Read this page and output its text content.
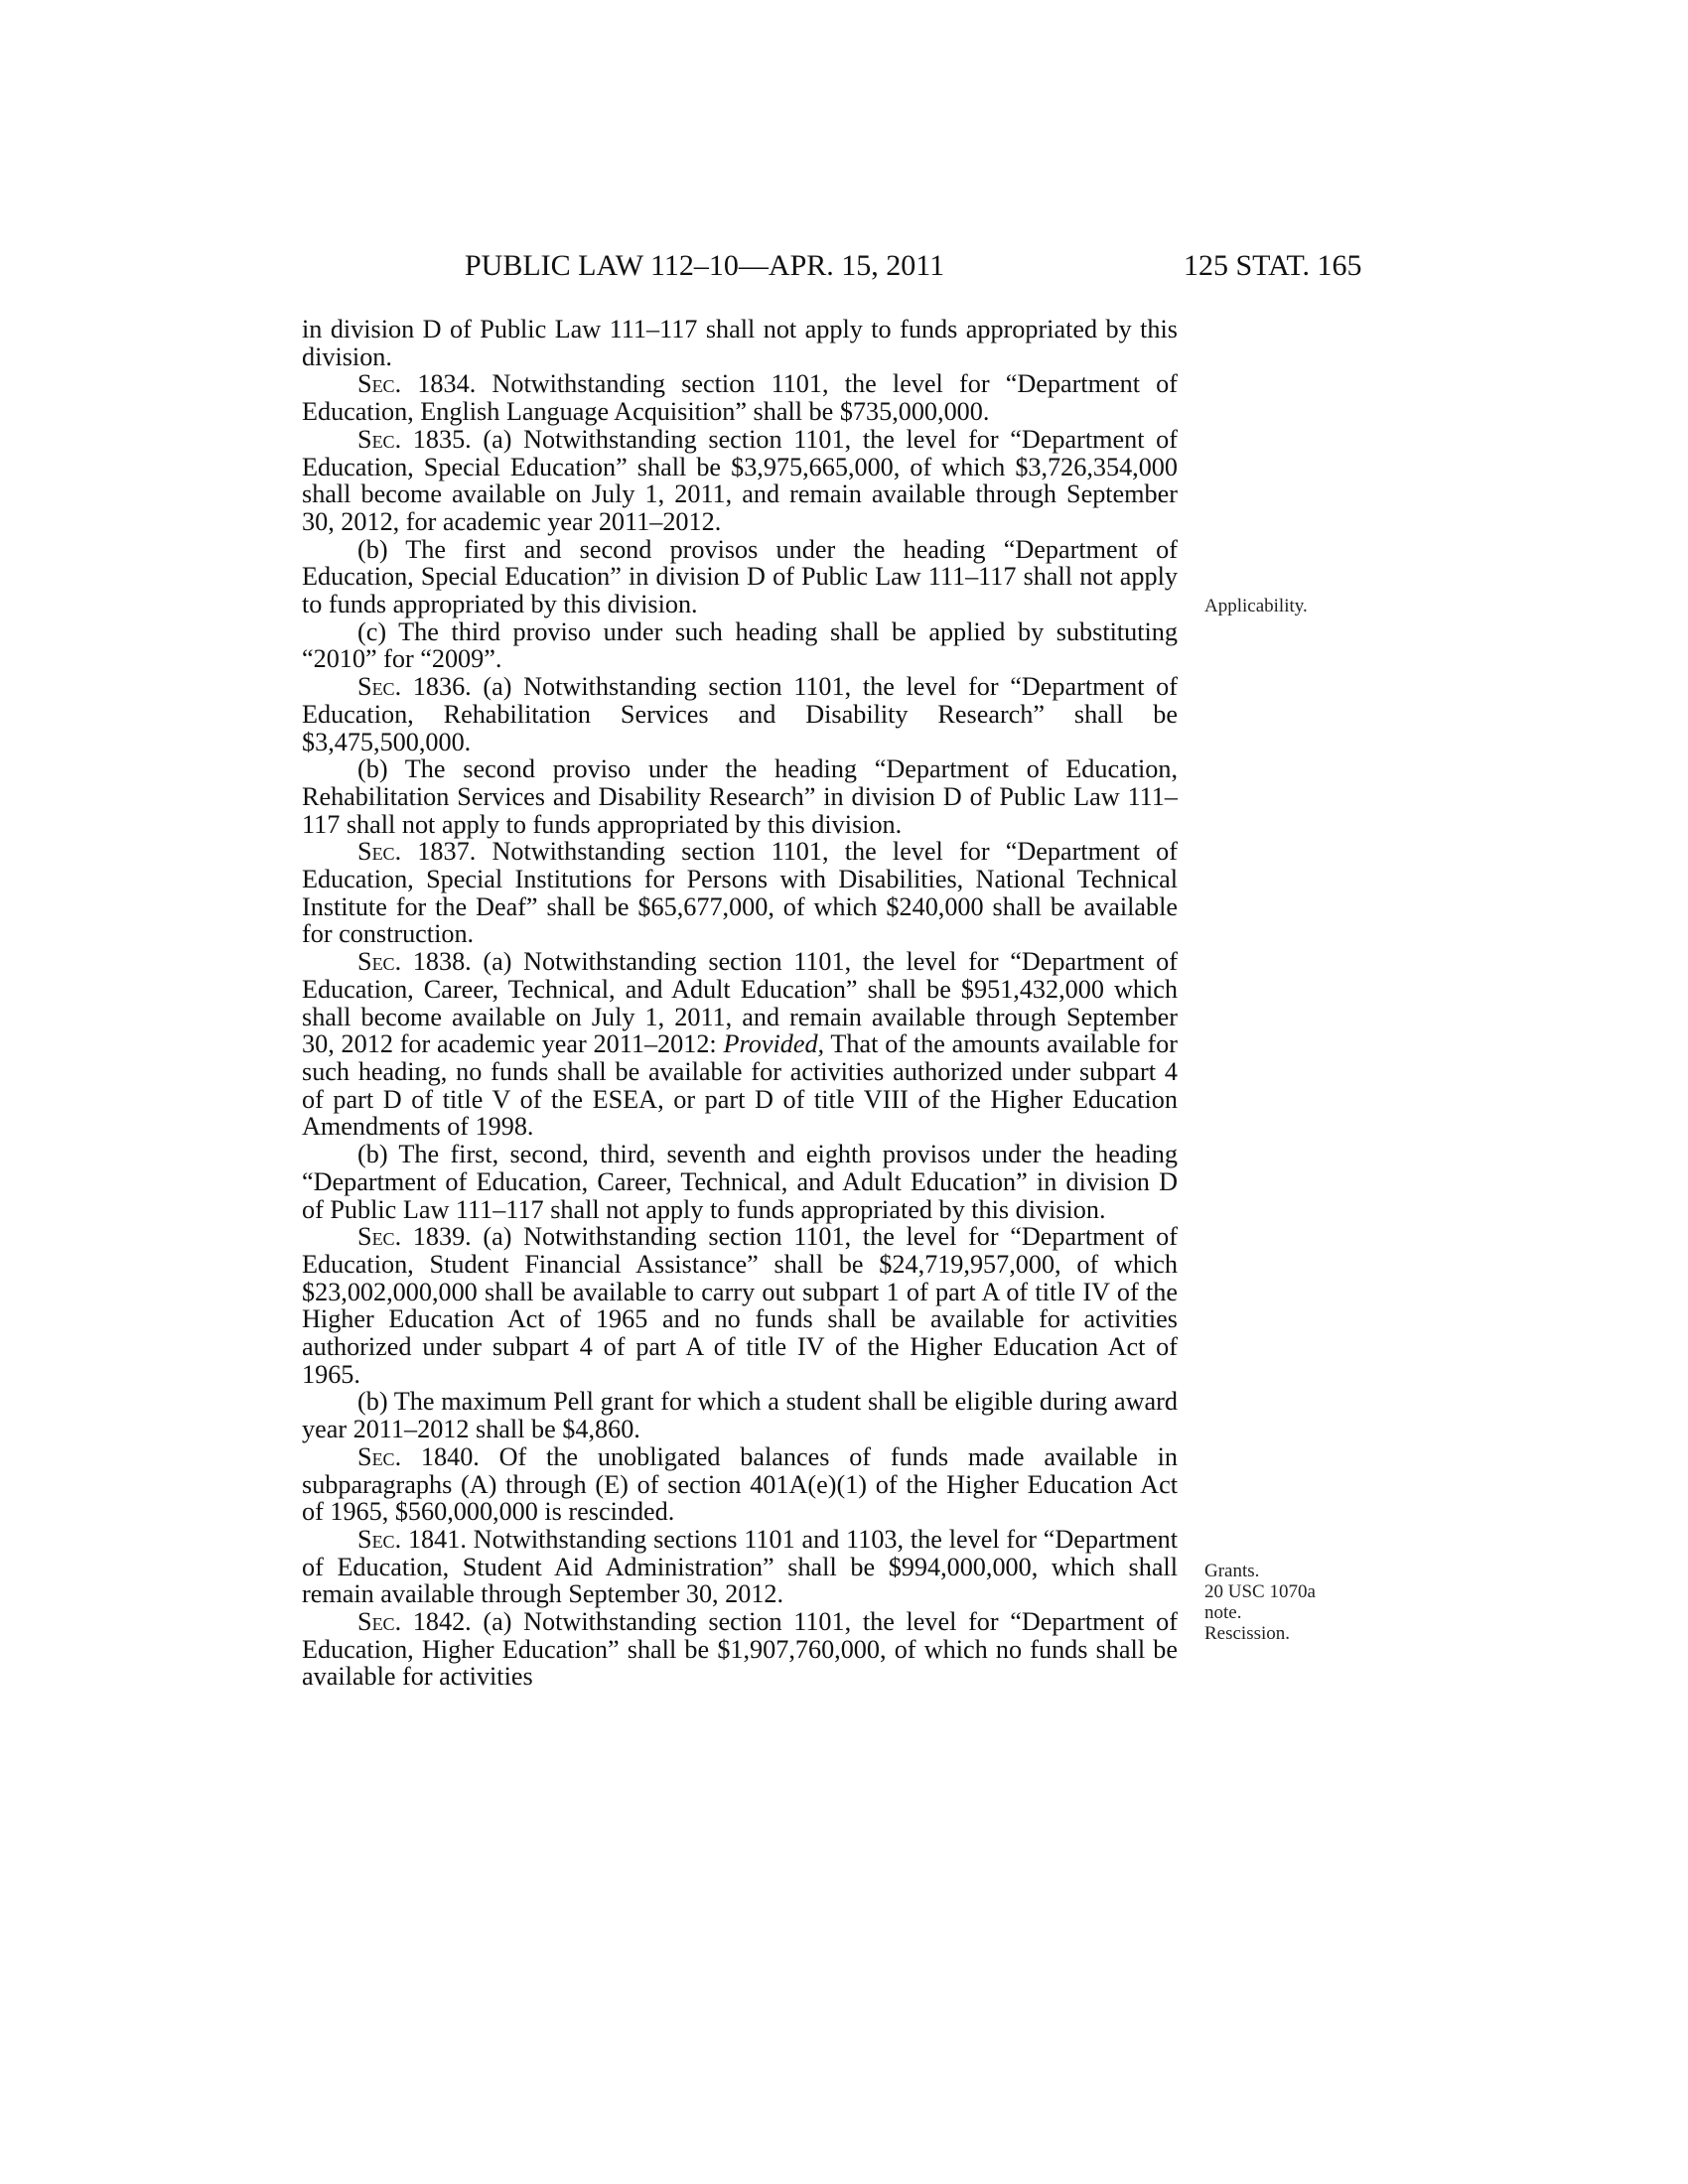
PUBLIC LAW 112–10—APR. 15, 2011	125 STAT. 165

in division D of Public Law 111–117 shall not apply to funds appropriated by this division.

Sec. 1834. Notwithstanding section 1101, the level for “Department of Education, English Language Acquisition” shall be $735,000,000.

Sec. 1835. (a) Notwithstanding section 1101, the level for “Department of Education, Special Education” shall be $3,975,665,000, of which $3,726,354,000 shall become available on July 1, 2011, and remain available through September 30, 2012, for academic year 2011–2012.

(b) The first and second provisos under the heading “Department of Education, Special Education” in division D of Public Law 111–117 shall not apply to funds appropriated by this division.

(c) The third proviso under such heading shall be applied by substituting “2010” for “2009”.

Sec. 1836. (a) Notwithstanding section 1101, the level for “Department of Education, Rehabilitation Services and Disability Research” shall be $3,475,500,000.

(b) The second proviso under the heading “Department of Education, Rehabilitation Services and Disability Research” in division D of Public Law 111–117 shall not apply to funds appropriated by this division.

Sec. 1837. Notwithstanding section 1101, the level for “Department of Education, Special Institutions for Persons with Disabilities, National Technical Institute for the Deaf” shall be $65,677,000, of which $240,000 shall be available for construction.

Sec. 1838. (a) Notwithstanding section 1101, the level for “Department of Education, Career, Technical, and Adult Education” shall be $951,432,000 which shall become available on July 1, 2011, and remain available through September 30, 2012 for academic year 2011–2012: Provided, That of the amounts available for such heading, no funds shall be available for activities authorized under subpart 4 of part D of title V of the ESEA, or part D of title VIII of the Higher Education Amendments of 1998.

(b) The first, second, third, seventh and eighth provisos under the heading “Department of Education, Career, Technical, and Adult Education” in division D of Public Law 111–117 shall not apply to funds appropriated by this division.

Sec. 1839. (a) Notwithstanding section 1101, the level for “Department of Education, Student Financial Assistance” shall be $24,719,957,000, of which $23,002,000,000 shall be available to carry out subpart 1 of part A of title IV of the Higher Education Act of 1965 and no funds shall be available for activities authorized under subpart 4 of part A of title IV of the Higher Education Act of 1965.

(b) The maximum Pell grant for which a student shall be eligible during award year 2011–2012 shall be $4,860.

Sec. 1840. Of the unobligated balances of funds made available in subparagraphs (A) through (E) of section 401A(e)(1) of the Higher Education Act of 1965, $560,000,000 is rescinded.

Sec. 1841. Notwithstanding sections 1101 and 1103, the level for “Department of Education, Student Aid Administration” shall be $994,000,000, which shall remain available through September 30, 2012.

Sec. 1842. (a) Notwithstanding section 1101, the level for “Department of Education, Higher Education” shall be $1,907,760,000, of which no funds shall be available for activities

Applicability.
Grants.
20 USC 1070a
note.
Rescission.
